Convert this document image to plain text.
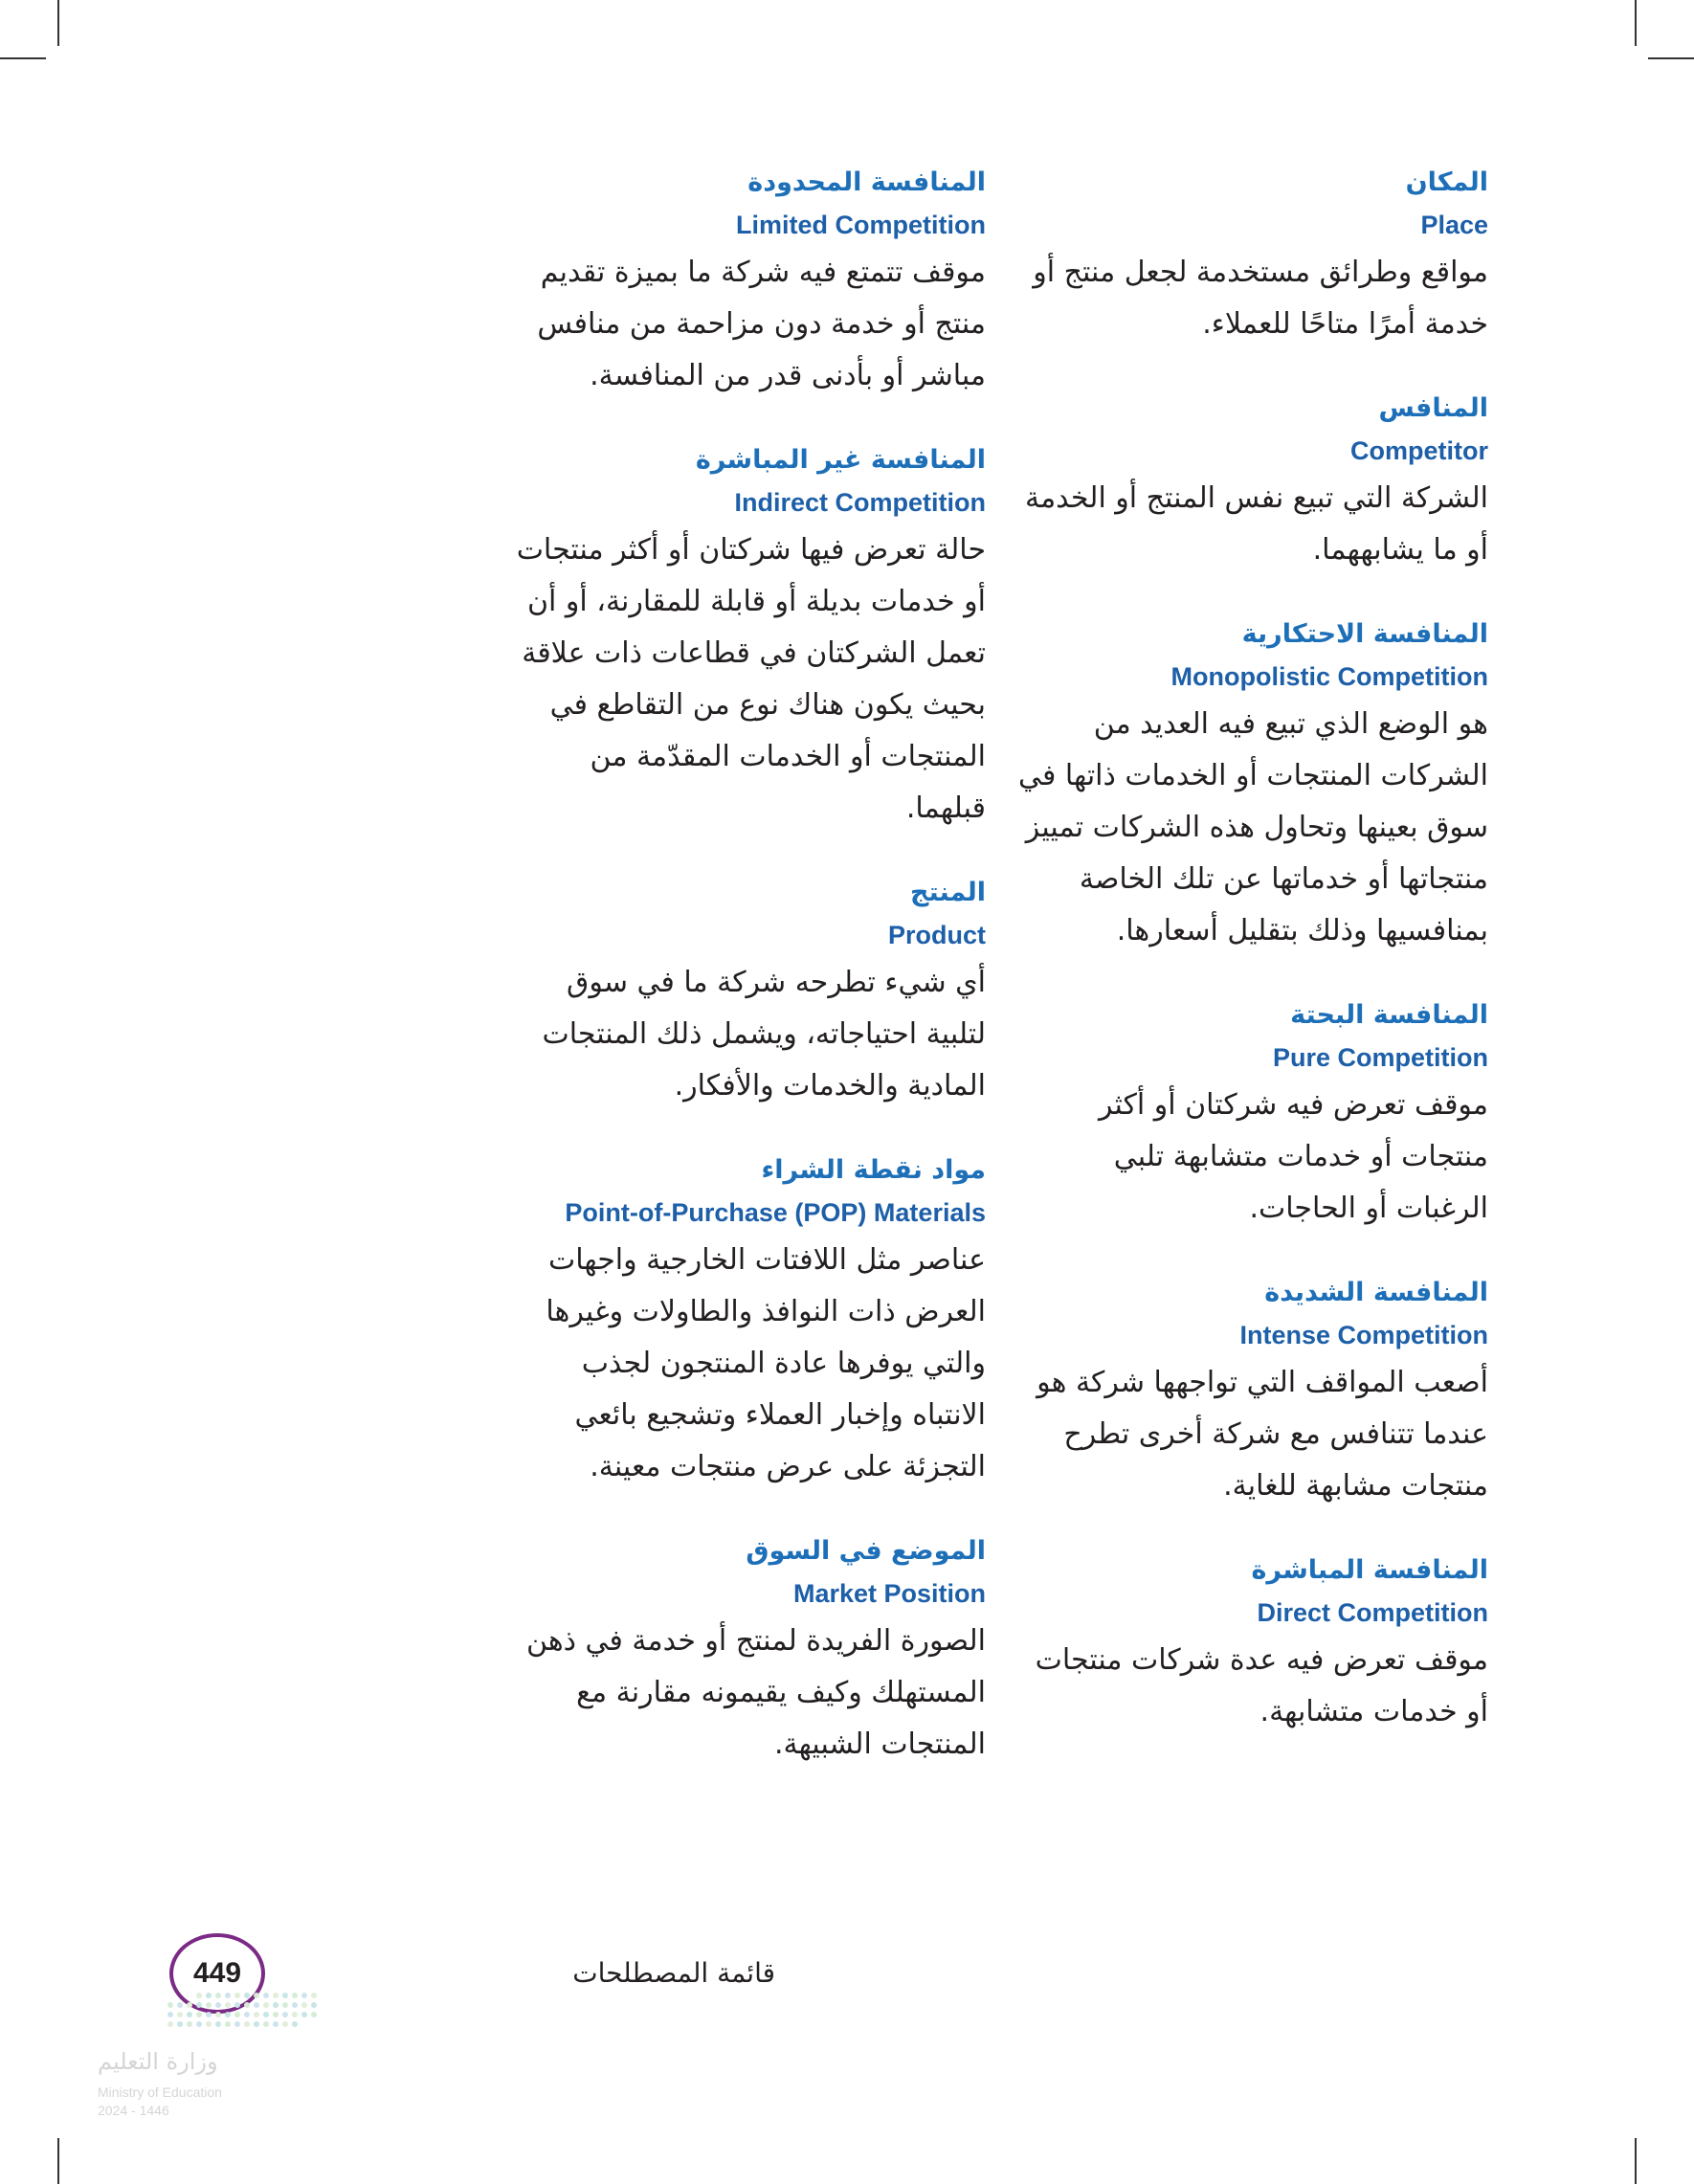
المكان
Place
مواقع وطرائق مستخدمة لجعل منتج أو خدمة أمرًا متاحًا للعملاء.
المنافس
Competitor
الشركة التي تبيع نفس المنتج أو الخدمة أو ما يشابههما.
المنافسة الاحتكارية
Monopolistic Competition
هو الوضع الذي تبيع فيه العديد من الشركات المنتجات أو الخدمات ذاتها في سوق بعينها وتحاول هذه الشركات تمييز منتجاتها أو خدماتها عن تلك الخاصة بمنافسيها وذلك بتقليل أسعارها.
المنافسة البحتة
Pure Competition
موقف تعرض فيه شركتان أو أكثر منتجات أو خدمات متشابهة تلبي الرغبات أو الحاجات.
المنافسة الشديدة
Intense Competition
أصعب المواقف التي تواجهها شركة هو عندما تتنافس مع شركة أخرى تطرح منتجات مشابهة للغاية.
المنافسة المباشرة
Direct Competition
موقف تعرض فيه عدة شركات منتجات أو خدمات متشابهة.
المنافسة المحدودة
Limited Competition
موقف تتمتع فيه شركة ما بميزة تقديم منتج أو خدمة دون مزاحمة من منافس مباشر أو بأدنى قدر من المنافسة.
المنافسة غير المباشرة
Indirect Competition
حالة تعرض فيها شركتان أو أكثر منتجات أو خدمات بديلة أو قابلة للمقارنة، أو أن تعمل الشركتان في قطاعات ذات علاقة بحيث يكون هناك نوع من التقاطع في المنتجات أو الخدمات المقدّمة من قبلهما.
المنتج
Product
أي شيء تطرحه شركة ما في سوق لتلبية احتياجاته، ويشمل ذلك المنتجات المادية والخدمات والأفكار.
مواد نقطة الشراء
Point-of-Purchase (POP) Materials
عناصر مثل اللافتات الخارجية واجهات العرض ذات النوافذ والطاولات وغيرها والتي يوفرها عادة المنتجون لجذب الانتباه وإخبار العملاء وتشجيع بائعي التجزئة على عرض منتجات معينة.
الموضع في السوق
Market Position
الصورة الفريدة لمنتج أو خدمة في ذهن المستهلك وكيف يقيمونه مقارنة مع المنتجات الشبيهة.
449	قائمة المصطلحات
وزارة التعليم
Ministry of Education
2024 - 1446
